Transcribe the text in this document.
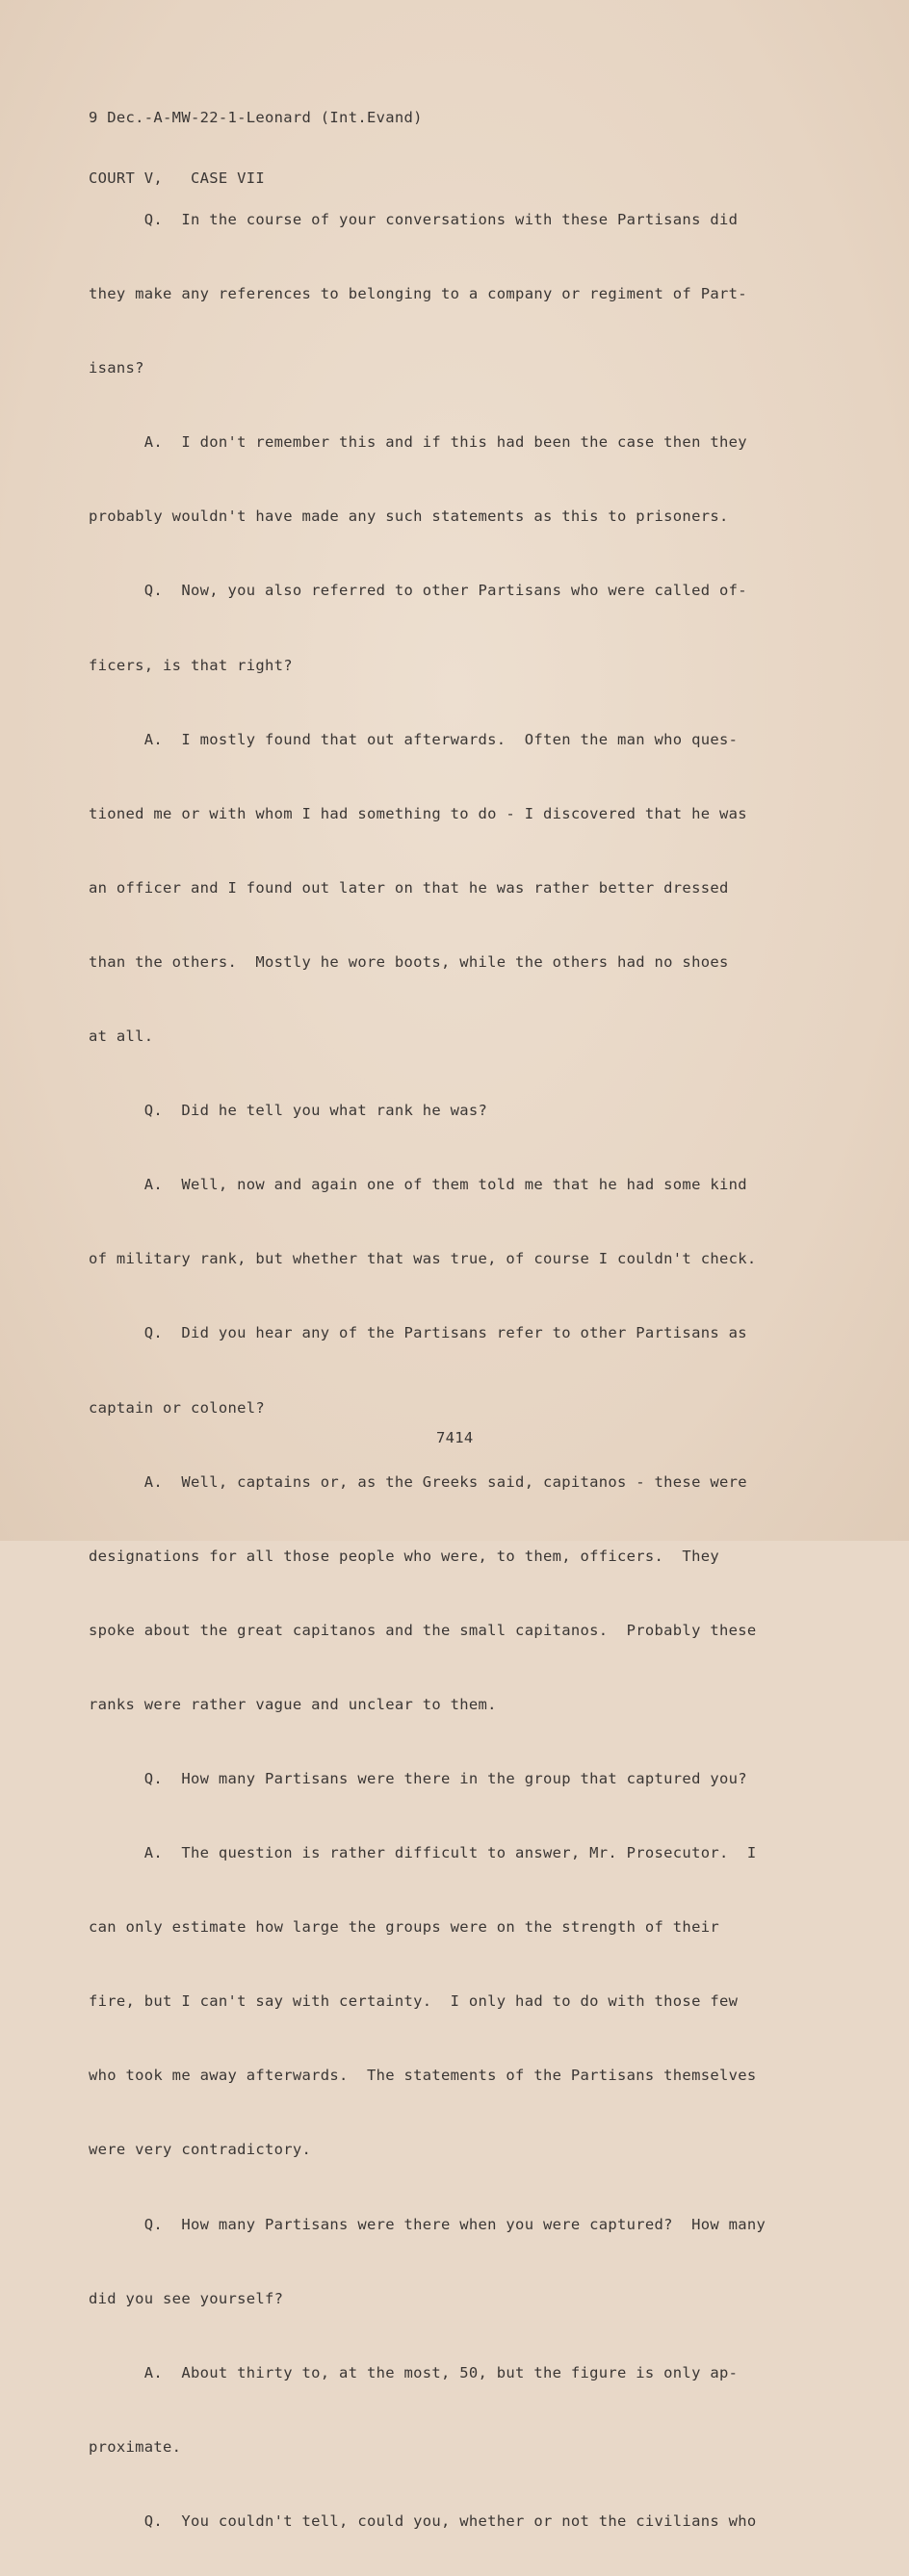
9 Dec.-A-MW-22-1-Leonard (Int.Evand)

COURT V,   CASE VII

Q.  In the course of your conversations with these Partisans did

they make any references to belonging to a company or regiment of Part-

isans?

A.  I don't remember this and if this had been the case then they

probably wouldn't have made any such statements as this to prisoners.

Q.  Now, you also referred to other Partisans who were called of-

ficers, is that right?

A.  I mostly found that out afterwards.  Often the man who ques-

tioned me or with whom I had something to do - I discovered that he was

an officer and I found out later on that he was rather better dressed

than the others.  Mostly he wore boots, while the others had no shoes

at all.

Q.  Did he tell you what rank he was?

A.  Well, now and again one of them told me that he had some kind

of military rank, but whether that was true, of course I couldn't check.

Q.  Did you hear any of the Partisans refer to other Partisans as

captain or colonel?

A.  Well, captains or, as the Greeks said, capitanos - these were

designations for all those people who were, to them, officers.  They

spoke about the great capitanos and the small capitanos.  Probably these

ranks were rather vague and unclear to them.

Q.  How many Partisans were there in the group that captured you?

A.  The question is rather difficult to answer, Mr. Prosecutor.  I

can only estimate how large the groups were on the strength of their

fire, but I can't say with certainty.  I only had to do with those few

who took me away afterwards.  The statements of the Partisans themselves

were very contradictory.

Q.  How many Partisans were there when you were captured?  How many

did you see yourself?

A.  About thirty to, at the most, 50, but the figure is only ap-

proximate.

Q.  You couldn't tell, could you, whether or not the civilians who

7414
